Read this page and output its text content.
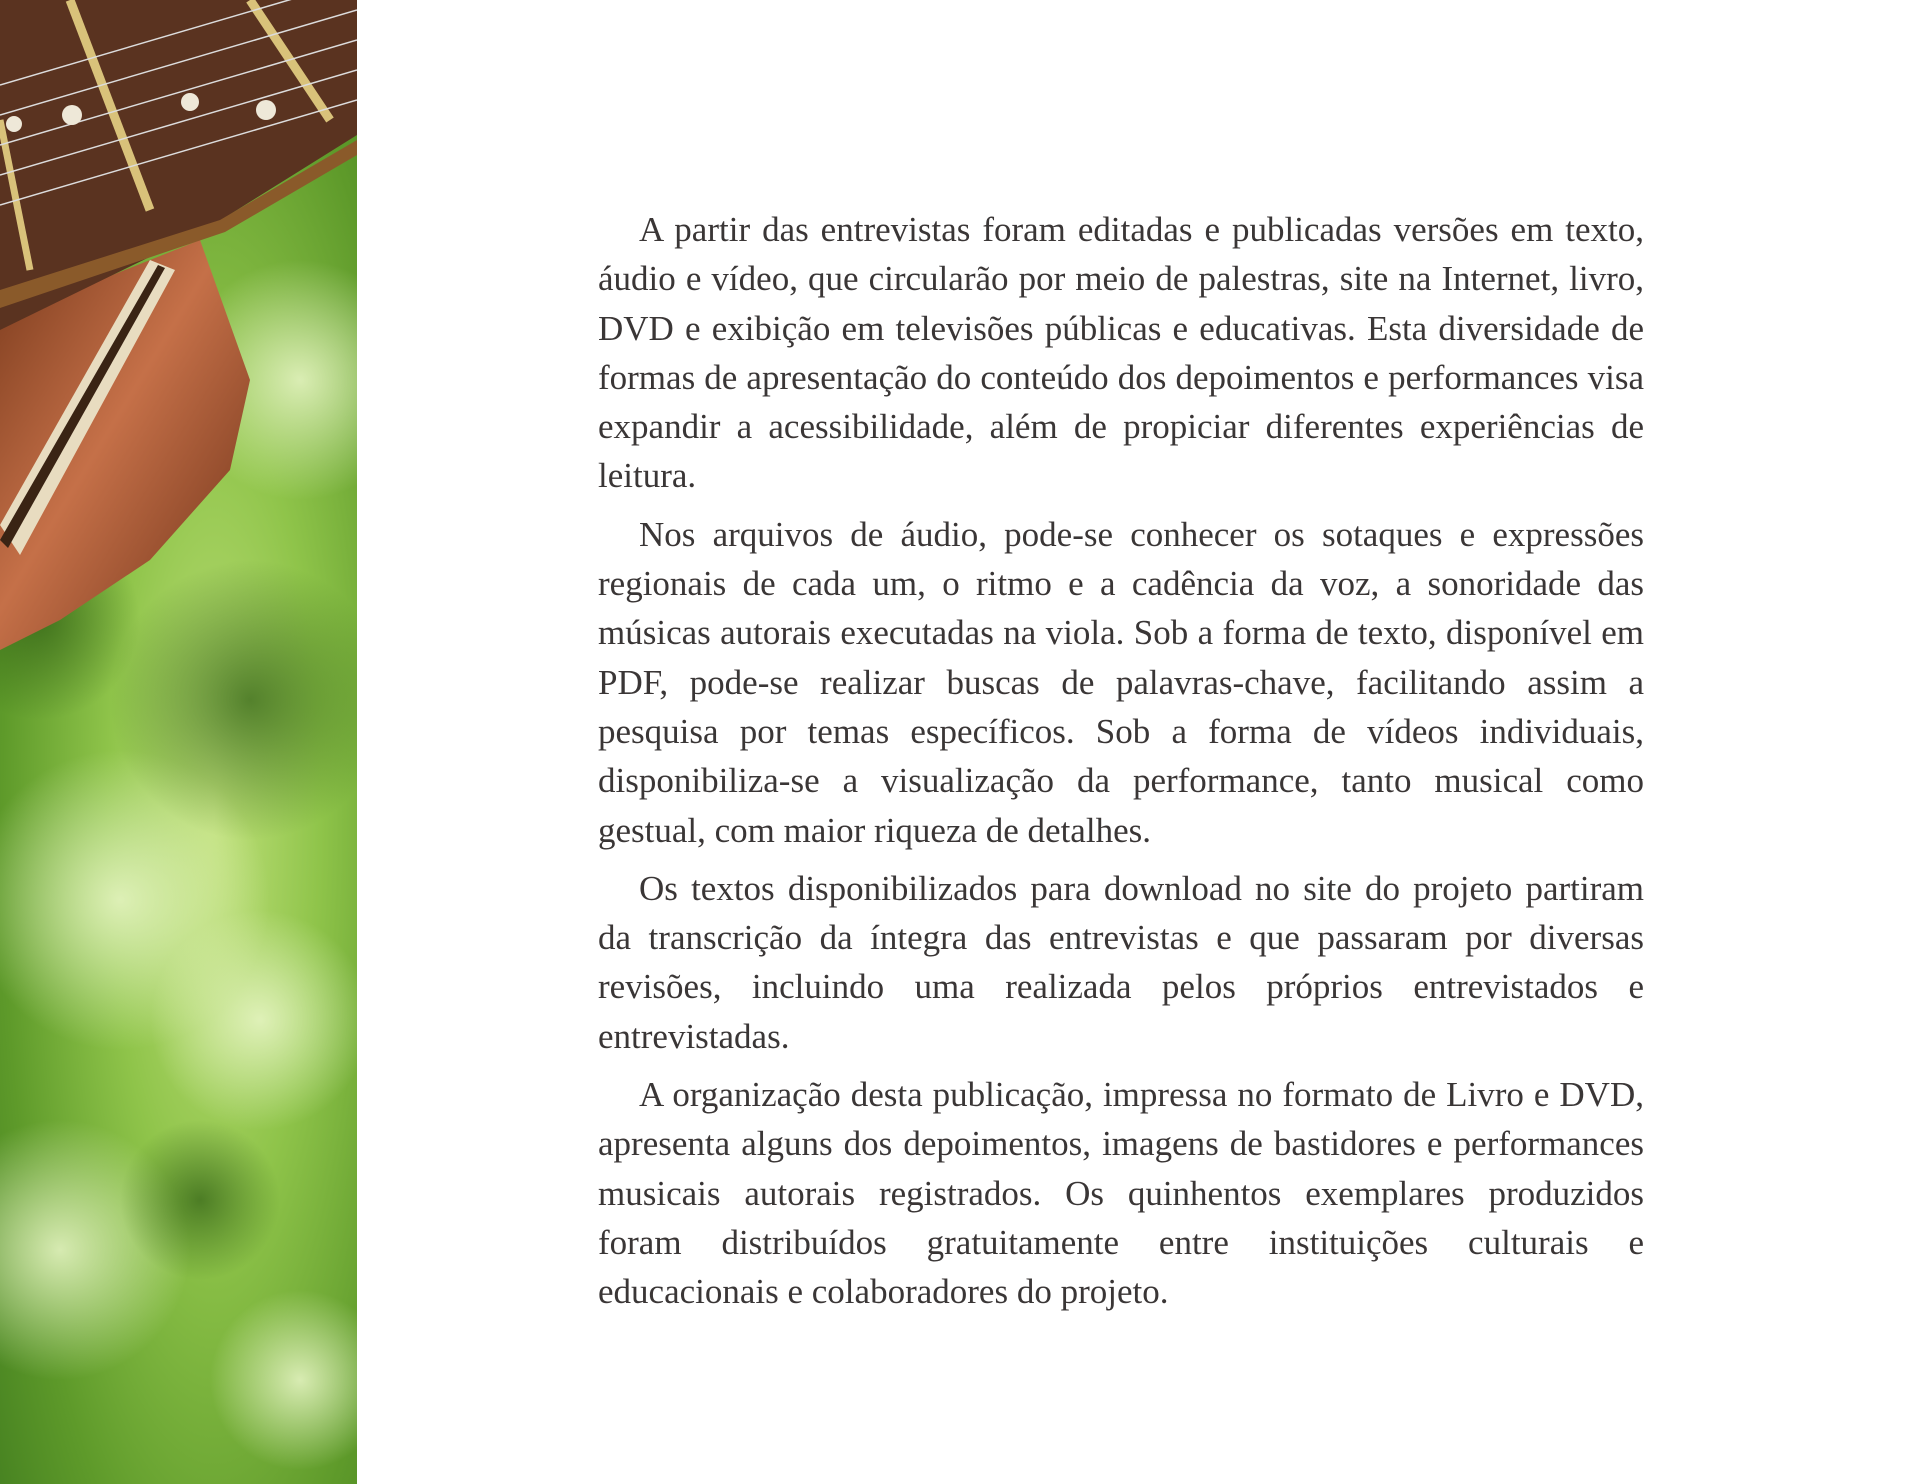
A partir das entrevistas foram editadas e publicadas versões em texto, áudio e vídeo, que circularão por meio de palestras, site na Internet, livro, DVD e exibição em televisões públicas e educativas. Esta diversidade de formas de apresentação do conteúdo dos depoimentos e performances visa expandir a acessibilidade, além de propiciar diferentes experiências de leitura.

Nos arquivos de áudio, pode-se conhecer os sotaques e expressões regionais de cada um, o ritmo e a cadência da voz, a sonoridade das músicas autorais executadas na viola. Sob a forma de texto, disponível em PDF, pode-se realizar buscas de palavras-chave, facilitando assim a pesquisa por temas específicos. Sob a forma de vídeos individuais, disponibiliza-se a visualização da performance, tanto musical como gestual, com maior riqueza de detalhes.

Os textos disponibilizados para download no site do projeto partiram da transcrição da íntegra das entrevistas e que passaram por diversas revisões, incluindo uma realizada pelos próprios entrevistados e entrevistadas.

A organização desta publicação, impressa no formato de Livro e DVD, apresenta alguns dos depoimentos, imagens de bastidores e performances musicais autorais registrados. Os quinhentos exemplares produzidos foram distribuídos gratuitamente entre instituições culturais e educacionais e colaboradores do projeto.
